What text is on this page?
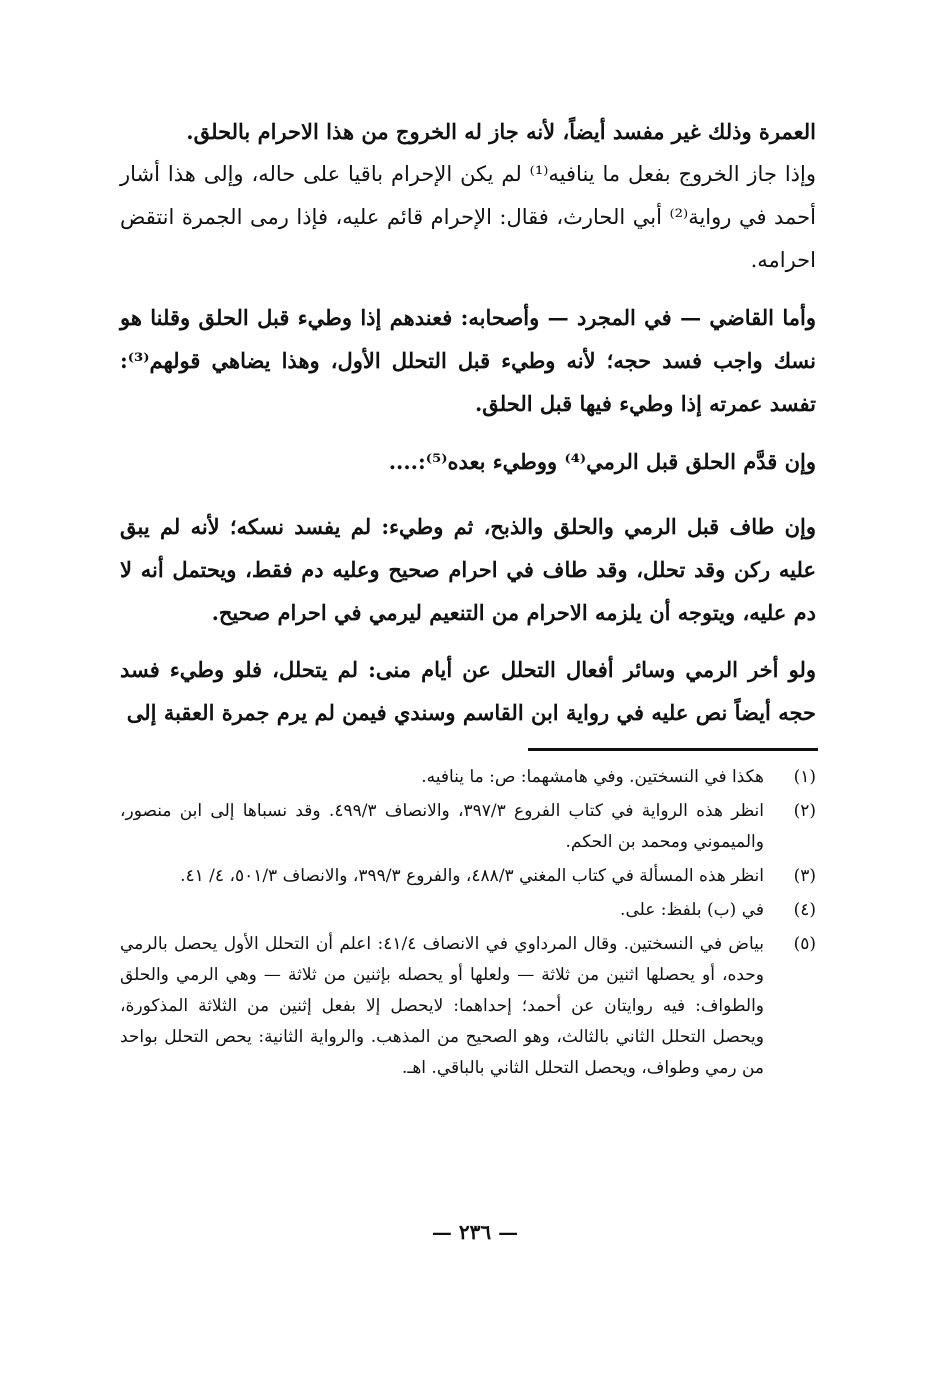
العمرة وذلك غير مفسد أيضاً، لأنه جاز له الخروج من هذا الاحرام بالحلق.

وإذا جاز الخروج بفعل ما ينافيه⁽¹⁾ لم يكن الإحرام باقيا على حاله، وإلى هذا أشار أحمد في رواية⁽²⁾ أبي الحارث، فقال: الإحرام قائم عليه، فإذا رمى الجمرة انتقض احرامه.

وأما القاضي — في المجرد — وأصحابه: فعندهم إذا وطيء قبل الحلق وقلنا هو نسك واجب فسد حجه؛ لأنه وطيء قبل التحلل الأول، وهذا يضاهي قولهم⁽³⁾: تفسد عمرته إذا وطيء فيها قبل الحلق.

وإن قدَّم الحلق قبل الرمي⁽⁴⁾ ووطيء بعده⁽⁵⁾:....

وإن طاف قبل الرمي والحلق والذبح، ثم وطيء: لم يفسد نسكه؛ لأنه لم يبق عليه ركن وقد تحلل، وقد طاف في احرام صحيح وعليه دم فقط، ويحتمل أنه لا دم عليه، ويتوجه أن يلزمه الاحرام من التنعيم ليرمي في احرام صحيح.

ولو أخر الرمي وسائر أفعال التحلل عن أيام منى: لم يتحلل، فلو وطيء فسد حجه أيضاً نص عليه في رواية ابن القاسم وسندي فيمن لم يرم جمرة العقبة إلى

(١)
هكذا في النسختين. وفي هامشهما: ص: ما ينافيه.
(٢)
انظر هذه الرواية في كتاب الفروع ٣٩٧/٣، والانصاف ٤٩٩/٣. وقد نسباها إلى ابن منصور، والميموني ومحمد بن الحكم.
(٣)
انظر هذه المسألة في كتاب المغني ٤٨٨/٣، والفروع ٣٩٩/٣، والانصاف ٥٠١/٣، ٤/ ٤١.
(٤)
في (ب) بلفظ: على.
(٥)
بياض في النسختين. وقال المرداوي في الانصاف ٤١/٤: اعلم أن التحلل الأول يحصل بالرمي وحده، أو يحصلها اثنين من ثلاثة — ولعلها أو يحصله بإثنين من ثلاثة — وهي الرمي والحلق والطواف: فيه روايتان عن أحمد؛ إحداهما: لايحصل إلا بفعل إثنين من الثلاثة المذكورة، ويحصل التحلل الثاني بالثالث، وهو الصحيح من المذهب. والرواية الثانية: يحص التحلل بواحد من رمي وطواف، ويحصل التحلل الثاني بالباقي. اهـ.
— ٢٣٦ —
